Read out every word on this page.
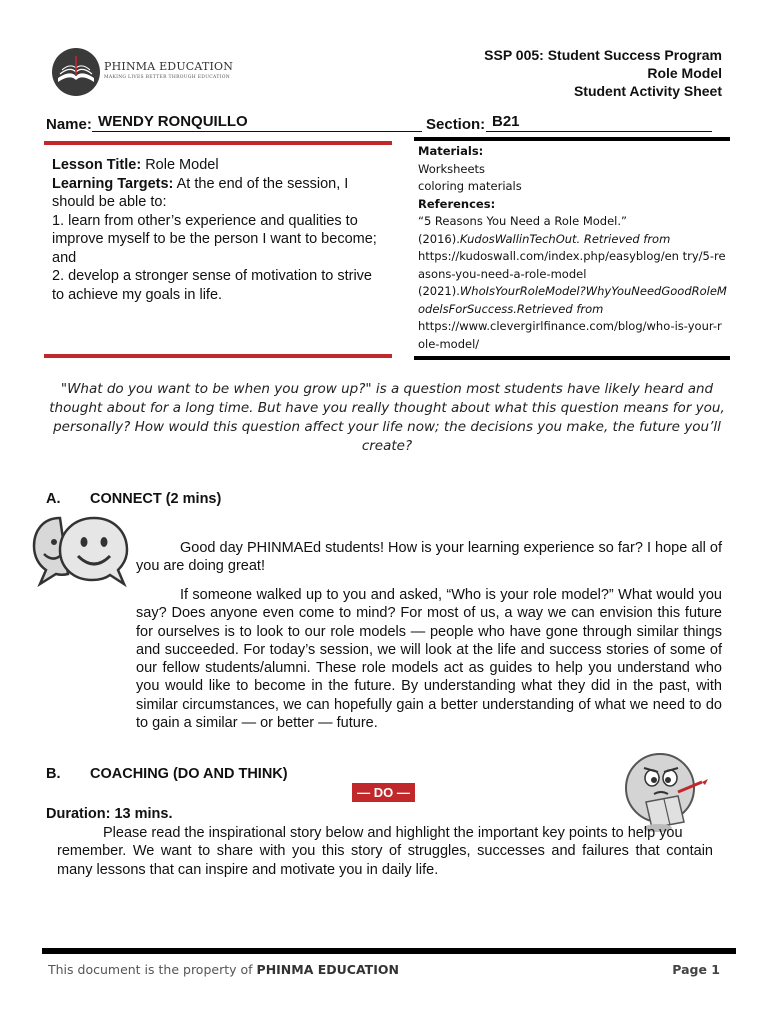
PHINMA EDUCATION
MAKING LIVES BETTER THROUGH EDUCATION
SSP 005: Student Success Program
Role Model
Student Activity Sheet
Name: WENDY RONQUILLO	Section: B21
Lesson Title: Role Model
Learning Targets: At the end of the session, I should be able to:
1. learn from other’s experience and qualities to improve myself to be the person I want to become; and
2. develop a stronger sense of motivation to strive to achieve my goals in life.
Materials:
Worksheets
coloring materials
References:
“5 Reasons You Need a Role Model.”
(2016).KudosWallinTechOut. Retrieved from
https://kudoswall.com/index.php/easyblog/en try/5-reasons-you-need-a-role-model
(2021).WhoIsYourRoleModel?WhyYouNeedGoodRoleModelsForSuccess.Retrieved from
https://www.clevergirlfinance.com/blog/who-is-your-role-model/
"What do you want to be when you grow up?" is a question most students have likely heard and thought about for a long time. But have you really thought about what this question means for you, personally? How would this question affect your life now; the decisions you make, the future you’ll create?
A. CONNECT (2 mins)
Good day PHINMAEd students! How is your learning experience so far? I hope all of you are doing great!
If someone walked up to you and asked, “Who is your role model?” What would you say? Does anyone even come to mind? For most of us, a way we can envision this future for ourselves is to look to our role models — people who have gone through similar things and succeeded. For today’s session, we will look at the life and success stories of some of our fellow students/alumni. These role models act as guides to help you understand who you would like to become in the future. By understanding what they did in the past, with similar circumstances, we can hopefully gain a better understanding of what we need to do to gain a similar — or better — future.
B. COACHING (DO AND THINK)
— DO —
Duration: 13 mins.
Please read the inspirational story below and highlight the important key points to help you
remember. We want to share with you this story of struggles, successes and failures that contain many lessons that can inspire and motivate you in daily life.
This document is the property of PHINMA EDUCATION	Page 1
